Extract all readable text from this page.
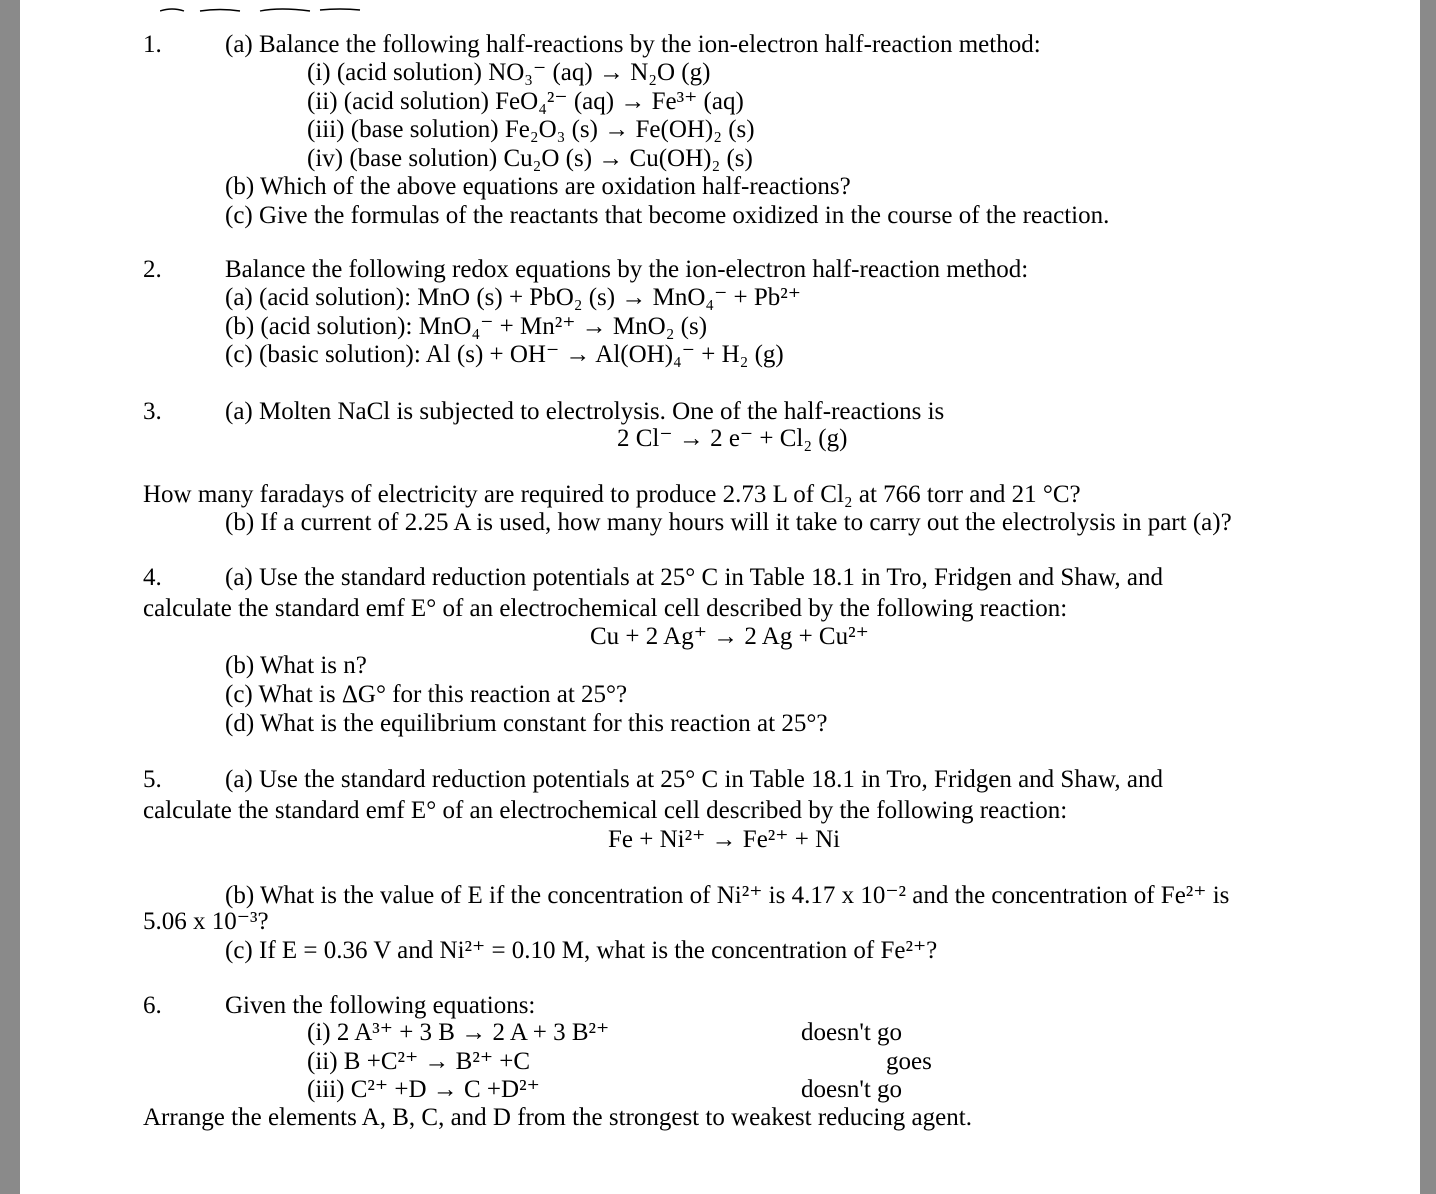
1.	(a) Balance the following half-reactions by the ion-electron half-reaction method:
(i) (acid solution) NO₃⁻ (aq) → N₂O (g)
(ii) (acid solution) FeO₄²⁻ (aq) → Fe³⁺ (aq)
(iii) (base solution) Fe₂O₃ (s) → Fe(OH)₂ (s)
(iv) (base solution) Cu₂O (s) → Cu(OH)₂ (s)
(b) Which of the above equations are oxidation half-reactions?
(c) Give the formulas of the reactants that become oxidized in the course of the reaction.
2.	Balance the following redox equations by the ion-electron half-reaction method:
(a) (acid solution): MnO (s) + PbO₂ (s) → MnO₄⁻ + Pb²⁺
(b) (acid solution): MnO₄⁻ + Mn²⁺ → MnO₂ (s)
(c) (basic solution): Al (s) + OH⁻ → Al(OH)₄⁻ + H₂ (g)
3.	(a) Molten NaCl is subjected to electrolysis. One of the half-reactions is
2 Cl⁻ → 2 e⁻ + Cl₂ (g)
How many faradays of electricity are required to produce 2.73 L of Cl₂ at 766 torr and 21 °C?
(b) If a current of 2.25 A is used, how many hours will it take to carry out the electrolysis in part (a)?
4.	(a) Use the standard reduction potentials at 25° C in Table 18.1 in Tro, Fridgen and Shaw, and
calculate the standard emf E° of an electrochemical cell described by the following reaction:
Cu + 2 Ag⁺ → 2 Ag + Cu²⁺
(b) What is n?
(c) What is ΔG° for this reaction at 25°?
(d) What is the equilibrium constant for this reaction at 25°?
5.	(a) Use the standard reduction potentials at 25° C in Table 18.1 in Tro, Fridgen and Shaw, and
calculate the standard emf E° of an electrochemical cell described by the following reaction:
Fe + Ni²⁺ → Fe²⁺ + Ni
(b) What is the value of E if the concentration of Ni²⁺ is 4.17 x 10⁻² and the concentration of Fe²⁺ is
5.06 x 10⁻³?
(c) If E = 0.36 V and Ni²⁺ = 0.10 M, what is the concentration of Fe²⁺?
6.	Given the following equations:
(i) 2 A³⁺ + 3 B → 2 A + 3 B²⁺	doesn't go
(ii) B +C²⁺ → B²⁺ +C	goes
(iii) C²⁺ +D → C +D²⁺	doesn't go
Arrange the elements A, B, C, and D from the strongest to weakest reducing agent.
